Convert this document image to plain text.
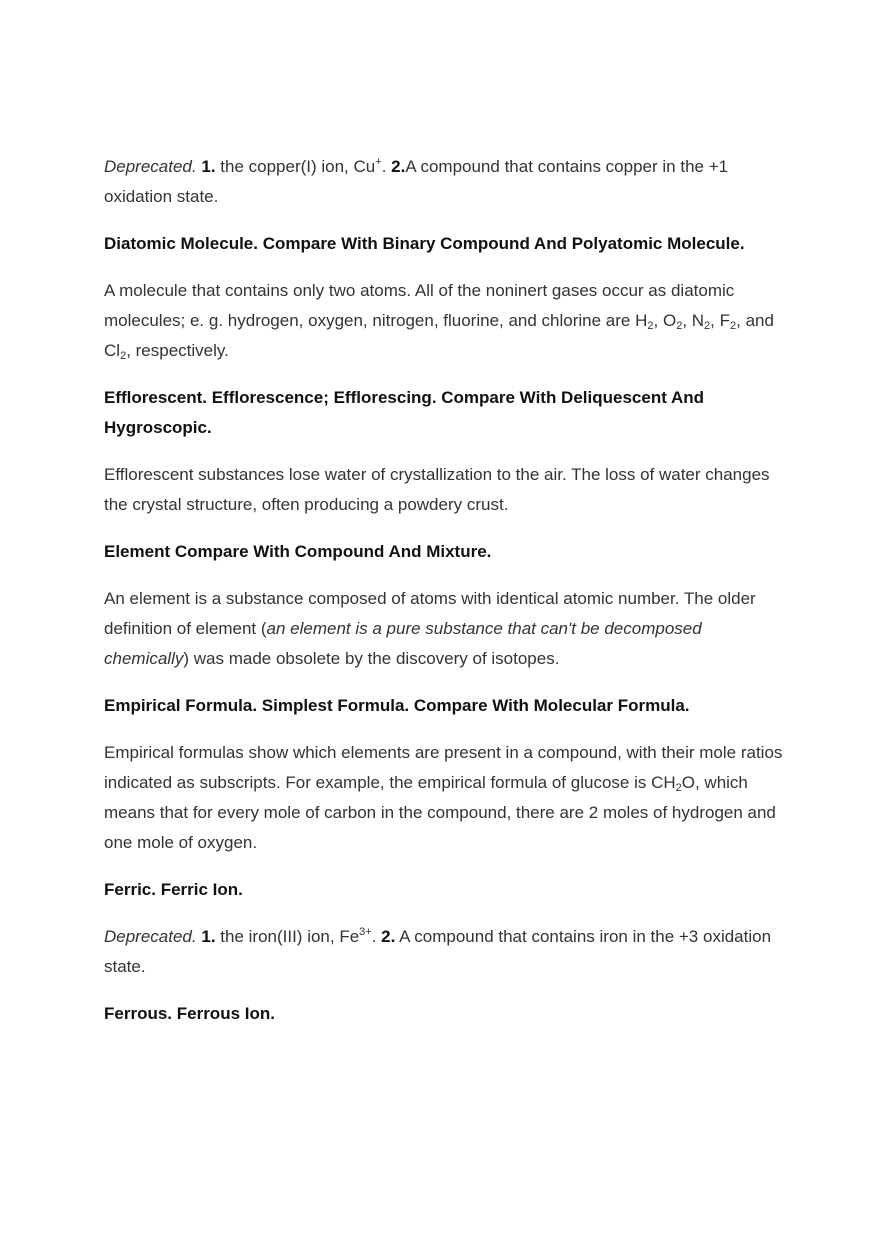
Deprecated. 1. the copper(I) ion, Cu+. 2.A compound that contains copper in the +1 oxidation state.

Diatomic Molecule. Compare With Binary Compound And Polyatomic Molecule.

A molecule that contains only two atoms. All of the noninert gases occur as diatomic molecules; e. g. hydrogen, oxygen, nitrogen, fluorine, and chlorine are $H_2$, $O_2$, $N_2$, $F_2$, and $Cl_2$, respectively.

Efflorescent. Efflorescence; Efflorescing. Compare With Deliquescent And Hygroscopic.

Efflorescent substances lose water of crystallization to the air. The loss of water changes the crystal structure, often producing a powdery crust.

Element Compare With Compound And Mixture.

An element is a substance composed of atoms with identical atomic number. The older definition of element (an element is a pure substance that can't be decomposed chemically) was made obsolete by the discovery of isotopes.

Empirical Formula. Simplest Formula. Compare With Molecular Formula.

Empirical formulas show which elements are present in a compound, with their mole ratios indicated as subscripts. For example, the empirical formula of glucose is $CH_2O$, which means that for every mole of carbon in the compound, there are 2 moles of hydrogen and one mole of oxygen.

Ferric. Ferric Ion.

Deprecated. 1. the iron(III) ion, $Fe^{3+}$. 2. A compound that contains iron in the +3 oxidation state.

Ferrous. Ferrous Ion.
